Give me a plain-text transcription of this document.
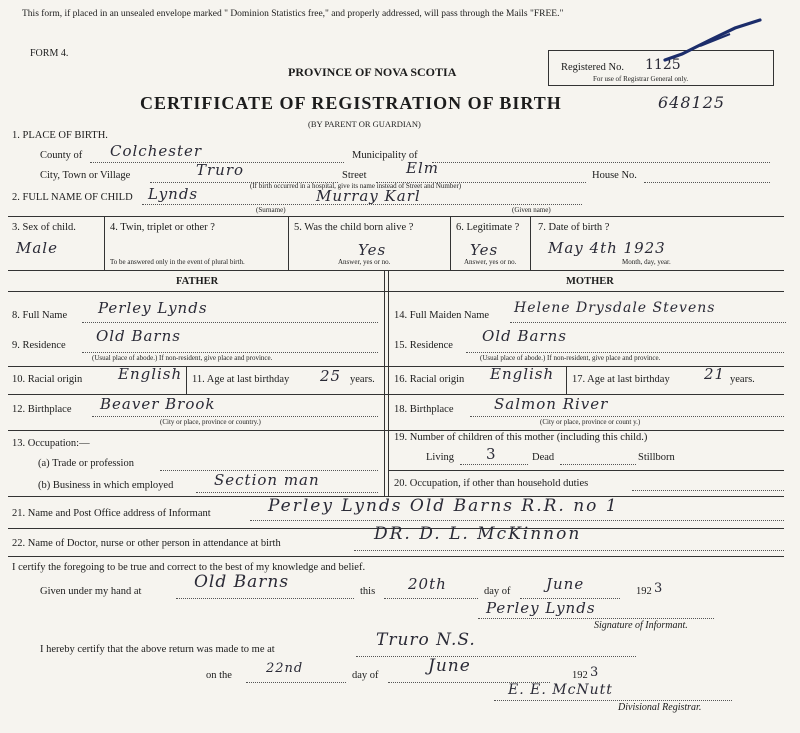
This form, if placed in an unsealed envelope marked " Dominion Statistics free," and properly addressed, will pass through the Mails "FREE."
FORM 4.
PROVINCE OF NOVA SCOTIA
CERTIFICATE OF REGISTRATION OF BIRTH
(BY PARENT OR GUARDIAN)
Registered No. 1125
For use of Registrar General only.
648125
1. PLACE OF BIRTH.
County of Colchester	Municipality of
City, Town or Village	Truro	Street	Elm	House No.
2. FULL NAME OF CHILD
(If birth occurred in a hospital, give its name instead of Street and Number)
Lynds	Murray Karl
(Surname)	(Given name)
3. Sex of child.
Male
4. Twin, triplet or other ?
To be answered only in the event of plural birth.
5. Was the child born alive ?
Yes
Answer, yes or no.
6. Legitimate ?
Yes
Answer, yes or no.
7. Date of birth ?
May 4th 1923
Month, day, year.
FATHER	MOTHER
8. Full Name Perley Lynds
9. Residence
Old Barns
(Usual place of abode.) If non-resident, give place and province.
10. Racial origin English 11. Age at last birthday 25 years.
12. Birthplace Beaver Brook
(City or place, province or country.)
13. Occupation:—
(a) Trade or profession
(b) Business in which employed	Section man
14. Full Maiden Name Helene Drysdale Stevens
15. Residence
Old Barns
(Usual place of abode.) If non-resident, give place and province.
16. Racial origin English 17. Age at last birthday 21 years.
18. Birthplace	Salmon River
(City or place, province or count y.)
19. Number of children of this mother (including this child.)
Living 3	Dead	Stillborn
20. Occupation, if other than household duties
21. Name and Post Office address of Informant	Perley Lynds Old Barns R.R. no 1
22. Name of Doctor, nurse or other person in attendance at birth	DR. D. L. McKinnon
I certify the foregoing to be true and correct to the best of my knowledge and belief.
Given under my hand at	Old Barns	this 20th	day of June	192 3
Perley Lynds
Signature of Informant.
I hereby certify that the above return was made to me at	Truro N.S.
on the	22nd	day of	June	192 3
E. E. McNutt
Divisional Registrar.
